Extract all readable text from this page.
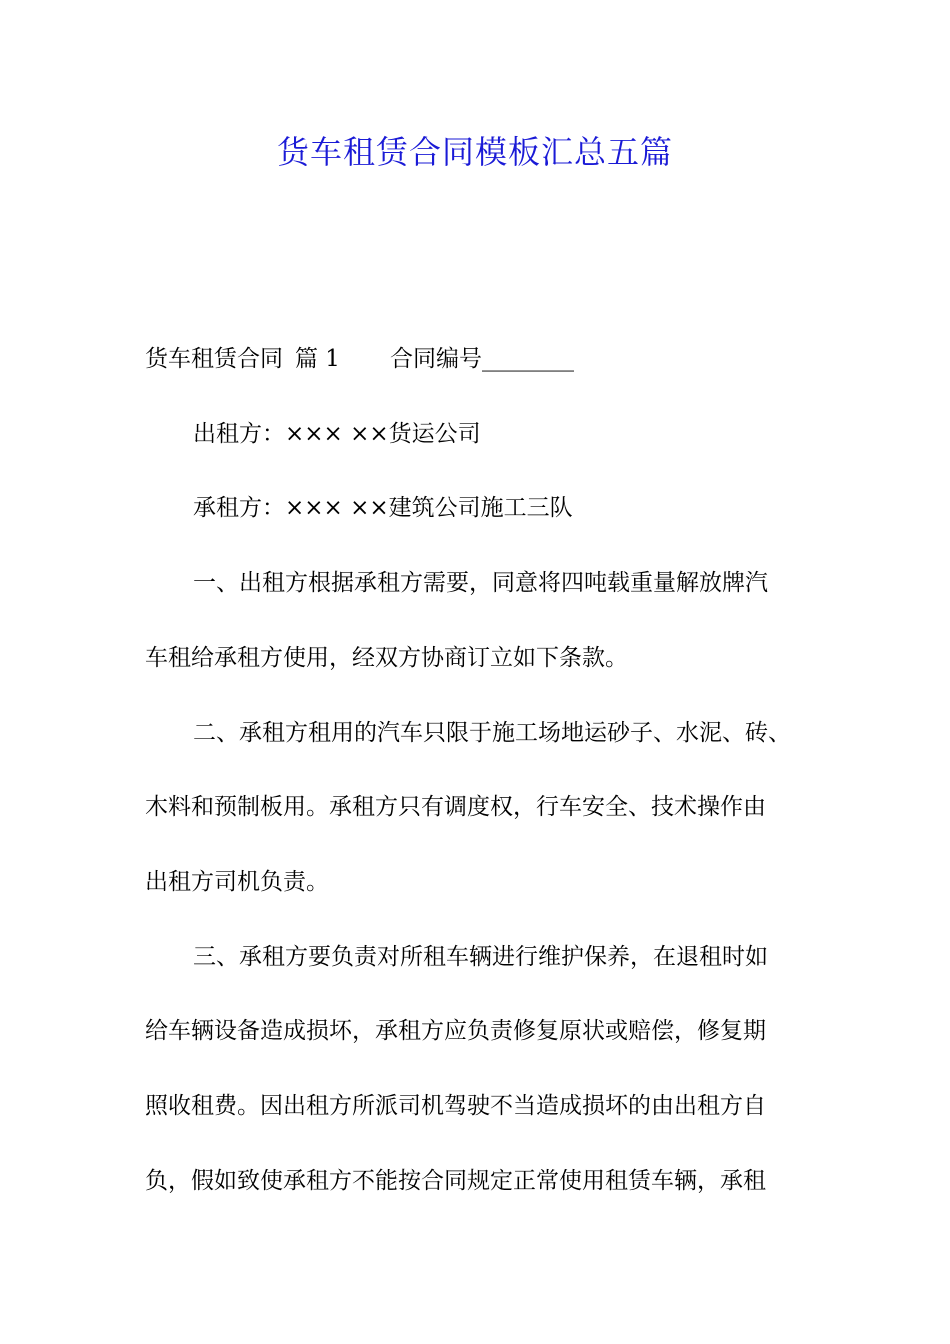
货车租赁合同模板汇总五篇
货车租赁合同 篇 1 合同编号________
出租方：××× ××货运公司
承租方：××× ××建筑公司施工三队
一、出租方根据承租方需要，同意将四吨载重量解放牌汽
车租给承租方使用，经双方协商订立如下条款。
二、承租方租用的汽车只限于施工场地运砂子、水泥、砖、
木料和预制板用。承租方只有调度权，行车安全、技术操作由
出租方司机负责。
三、承租方要负责对所租车辆进行维护保养，在退租时如
给车辆设备造成损坏，承租方应负责修复原状或赔偿，修复期
照收租费。因出租方所派司机驾驶不当造成损坏的由出租方自
负，假如致使承租方不能按合同规定正常使用租赁车辆，承租
